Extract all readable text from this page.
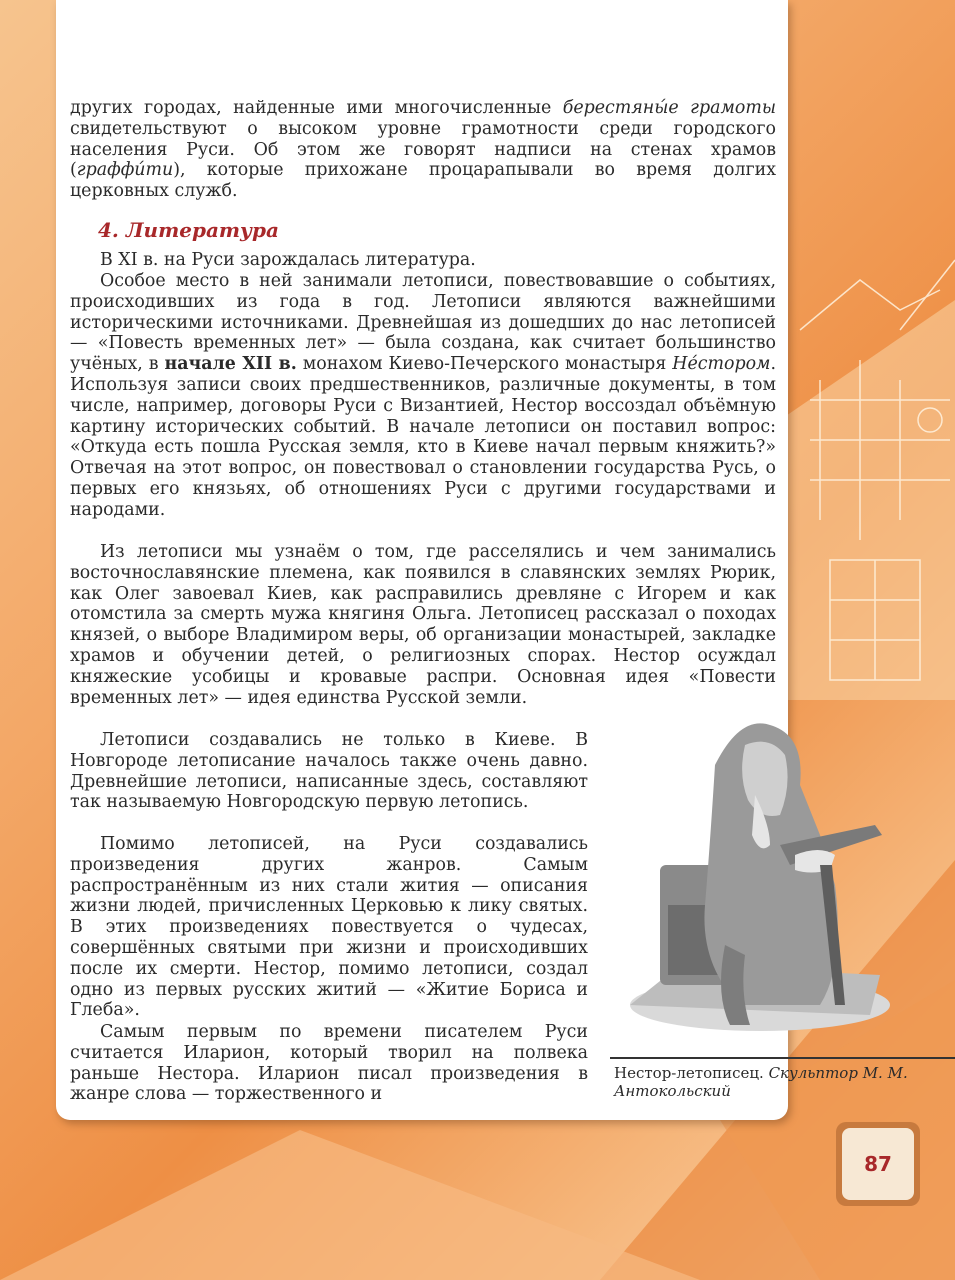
других городах, найденные ими многочисленные берестяны́е грамоты свидетельствуют о высоком уровне грамотности среди городского населения Руси. Об этом же говорят надписи на стенах храмов (граффи́ти), которые прихожане процарапывали во время долгих церковных служб.

4. Литература

В XI в. на Руси зарождалась литература.

Особое место в ней занимали летописи, повествовавшие о событиях, происходивших из года в год. Летописи являются важнейшими историческими источниками. Древнейшая из дошедших до нас летописей — «Повесть временных лет» — была создана, как считает большинство учёных, в начале XII в. монахом Киево-Печерского монастыря Не́стором. Используя записи своих предшественников, различные документы, в том числе, например, договоры Руси с Византией, Нестор воссоздал объёмную картину исторических событий. В начале летописи он поставил вопрос: «Откуда есть пошла Русская земля, кто в Киеве начал первым княжить?» Отвечая на этот вопрос, он повествовал о становлении государства Русь, о первых его князьях, об отношениях Руси с другими государствами и народами.

Из летописи мы узнаём о том, где расселялись и чем занимались восточнославянские племена, как появился в славянских землях Рюрик, как Олег завоевал Киев, как расправились древляне с Игорем и как отомстила за смерть мужа княгиня Ольга. Летописец рассказал о походах князей, о выборе Владимиром веры, об организации монастырей, закладке храмов и обучении детей, о религиозных спорах. Нестор осуждал княжеские усобицы и кровавые распри. Основная идея «Повести временных лет» — идея единства Русской земли.

Летописи создавались не только в Киеве. В Новгороде летописание началось также очень давно. Древнейшие летописи, написанные здесь, составляют так называемую Новгородскую первую летопись.

Помимо летописей, на Руси создавались произведения других жанров. Самым распространённым из них стали жития — описания жизни людей, причисленных Церковью к лику святых. В этих произведениях повествуется о чудесах, совершённых святыми при жизни и происходивших после их смерти. Нестор, помимо летописи, создал одно из первых русских житий — «Житие Бориса и Глеба».

Самым первым по времени писателем Руси считается Иларион, который творил на полвека раньше Нестора. Иларион писал произведения в жанре слова — торжественного и

Нестор-летописец. Скульптор М. М. Антокольский

87
